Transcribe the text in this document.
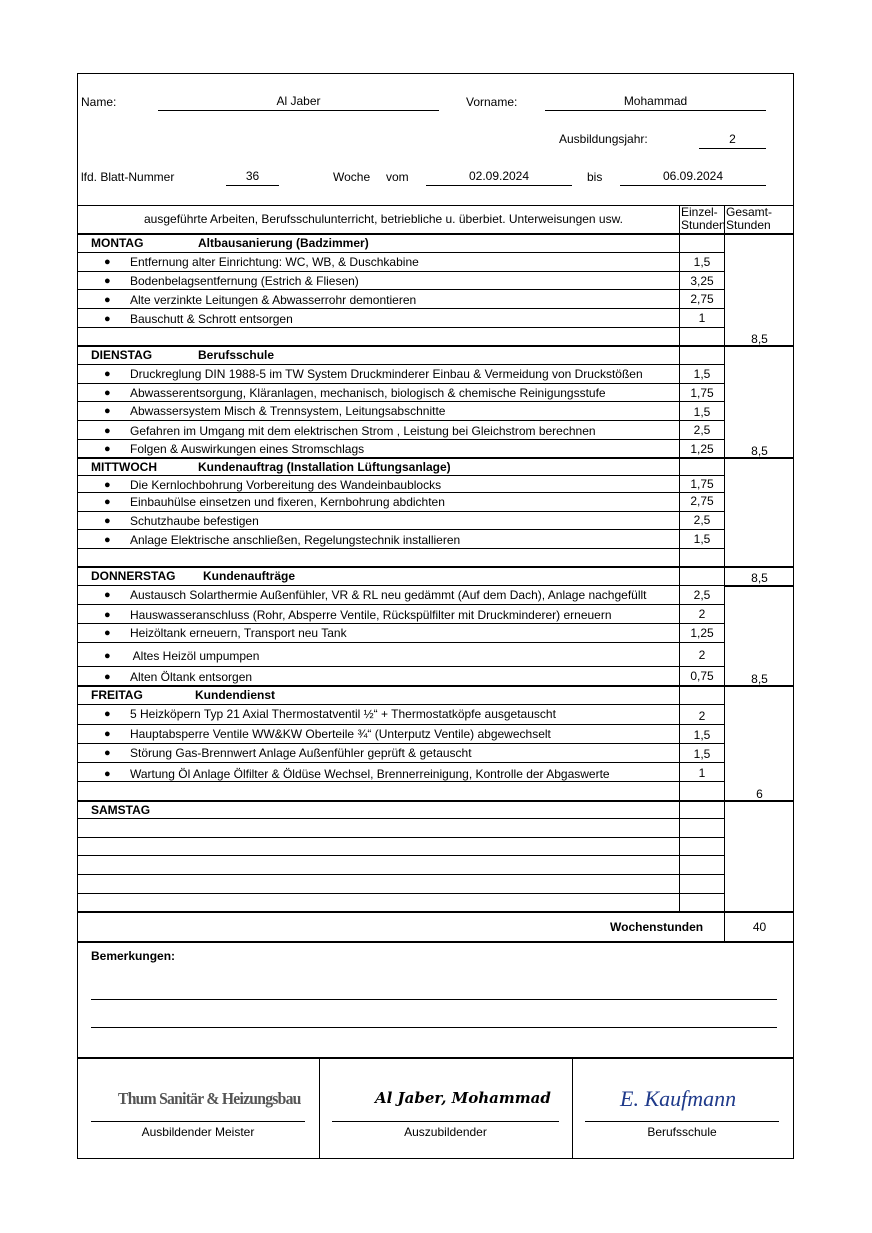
Name:	Al Jaber	Vorname:	Mohammad
Ausbildungsjahr:	2
lfd. Blatt-Nummer	36	Woche vom	02.09.2024	bis	06.09.2024
ausgeführte Arbeiten, Berufsschulunterricht, betriebliche u. überbiet. Unterweisungen usw.	Einzel-
Stunden
Gesamt-
Stunden
MONTAG	Altbausanierung (Badzimmer)
● Entfernung alter Einrichtung: WC, WB, & Duschkabine	1,5
● Bodenbelagsentfernung (Estrich & Fliesen)	3,25
● Alte verzinkte Leitungen & Abwasserrohr demontieren	2,75
● Bauschutt & Schrott entsorgen	1
8,5
DIENSTAG	Berufsschule
● Druckreglung DIN 1988-5 im TW System Druckminderer Einbau & Vermeidung von Druckstößen	1,5
● Abwasserentsorgung, Kläranlagen, mechanisch, biologisch & chemische Reinigungsstufe	1,75
● Abwassersystem Misch & Trennsystem, Leitungsabschnitte	1,5
● Gefahren im Umgang mit dem elektrischen Strom , Leistung bei Gleichstrom berechnen	2,5
● Folgen & Auswirkungen eines Stromschlags	1,25	8,5
MITTWOCH	Kundenauftrag (Installation Lüftungsanlage)
● Die Kernlochbohrung Vorbereitung des Wandeinbaublocks	1,75
● Einbauhülse einsetzen und fixeren, Kernbohrung abdichten	2,75
● Schutzhaube befestigen	2,5
● Anlage Elektrische anschließen, Regelungstechnik installieren	1,5
8,5
DONNERSTAG Kundenaufträge
● Austausch Solarthermie Außenfühler, VR & RL neu gedämmt (Auf dem Dach), Anlage nachgefüllt	2,5
● Hauswasseranschluss (Rohr, Absperre Ventile, Rückspülfilter mit Druckminderer) erneuern	2
● Heizöltank erneuern, Transport neu Tank	1,25
● Altes Heizöl umpumpen	2
● Alten Öltank entsorgen	0,75	8,5
FREITAG	Kundendienst
● 5 Heizköpern Typ 21 Axial Thermostatventil ½“ + Thermostatköpfe ausgetauscht	2
● Hauptabsperre Ventile WW&KW Oberteile ¾“ (Unterputz Ventile) abgewechselt	1,5
● Störung Gas-Brennwert Anlage Außenfühler geprüft & getauscht	1,5
● Wartung Öl Anlage Ölfilter & Öldüse Wechsel, Brennerreinigung, Kontrolle der Abgaswerte	1
6
SAMSTAG
Wochenstunden	40
Bemerkungen:
Thum Sanitär & Heizungsbau
Ausbildender Meister
Al Jaber, Mohammad
Auszubildender
E. Kaufmann
Berufsschule
